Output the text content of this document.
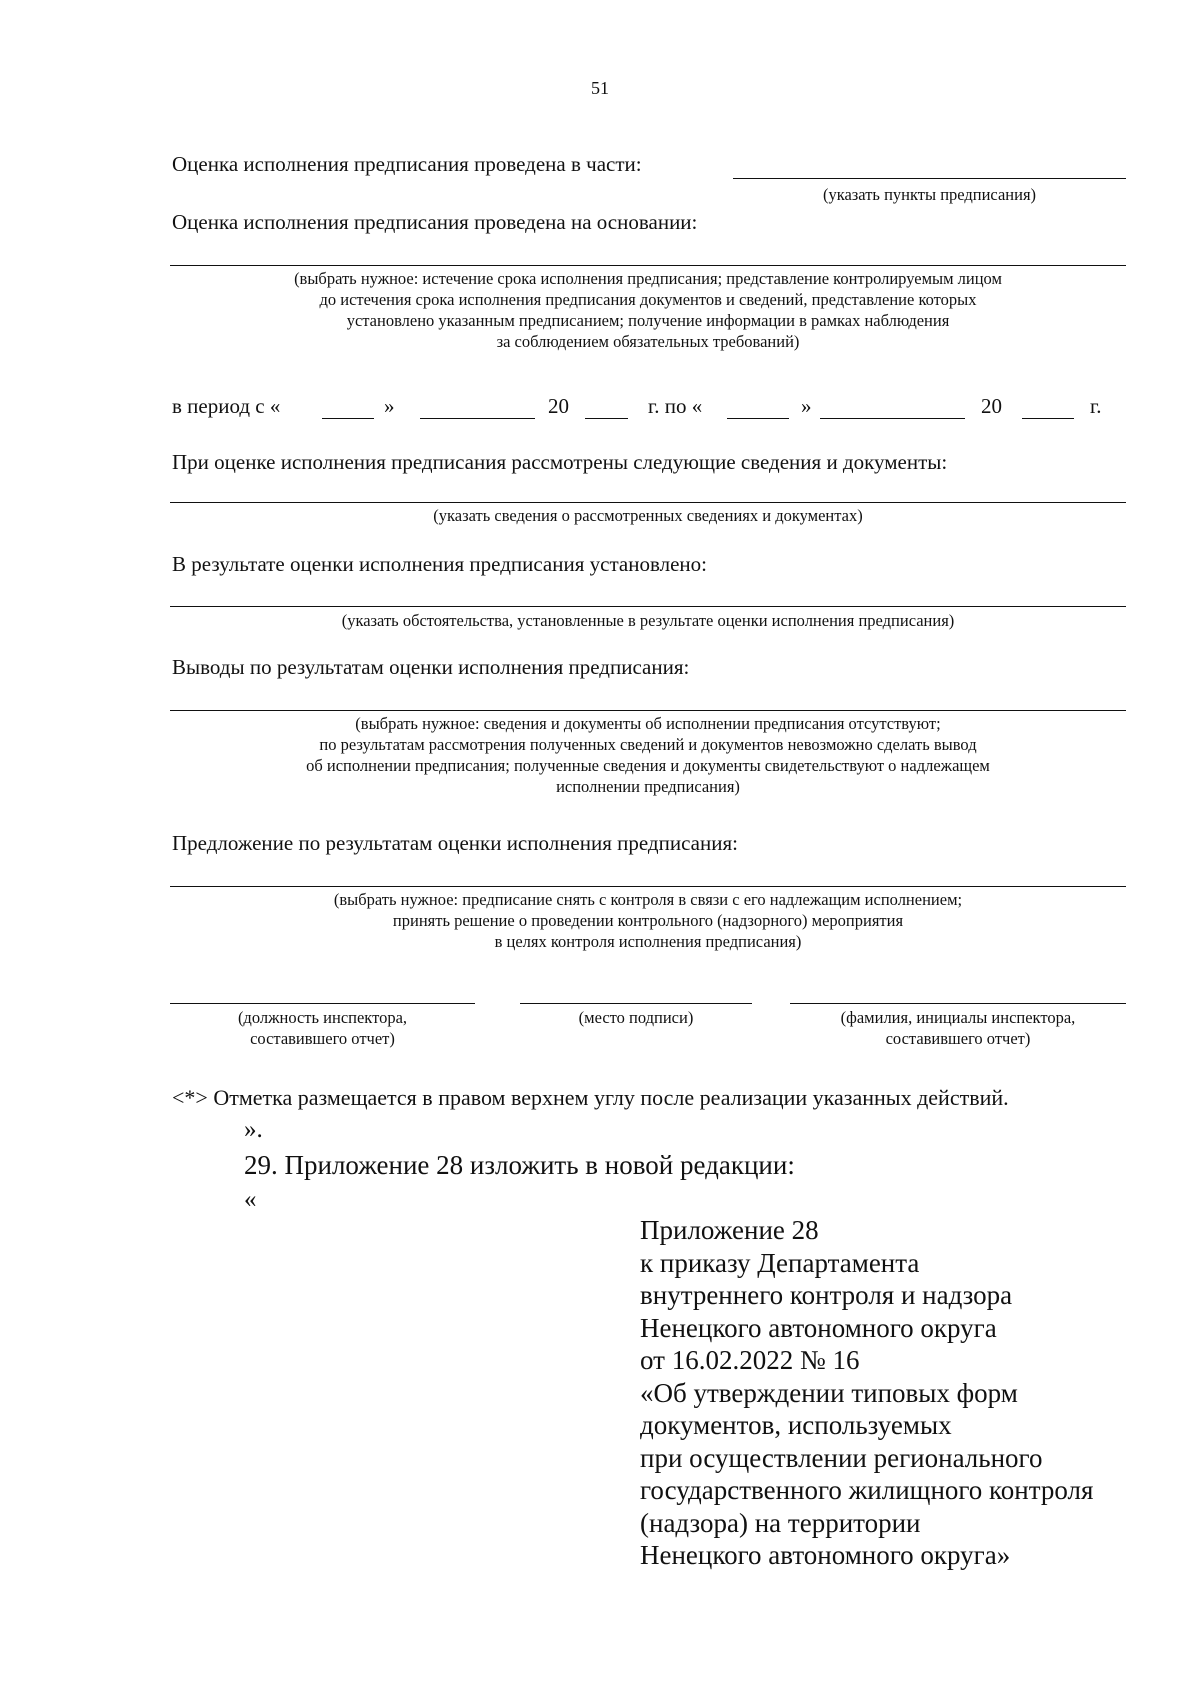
51
Оценка исполнения предписания проведена в части:
(указать пункты предписания)
Оценка исполнения предписания проведена на основании:
(выбрать нужное: истечение срока исполнения предписания; представление контролируемым лицом
до истечения срока исполнения предписания документов и сведений, представление которых
установлено указанным предписанием; получение информации в рамках наблюдения
за соблюдением обязательных требований)
в период с «	»	20	г. по «	»	20	г.
При оценке исполнения предписания рассмотрены следующие сведения и документы:
(указать сведения о рассмотренных сведениях и документах)
В результате оценки исполнения предписания установлено:
(указать обстоятельства, установленные в результате оценки исполнения предписания)
Выводы по результатам оценки исполнения предписания:
(выбрать нужное: сведения и документы об исполнении предписания отсутствуют;
по результатам рассмотрения полученных сведений и документов невозможно сделать вывод
об исполнении предписания; полученные сведения и документы свидетельствуют о надлежащем
исполнении предписания)
Предложение по результатам оценки исполнения предписания:
(выбрать нужное: предписание снять с контроля в связи с его надлежащим исполнением;
принять решение о проведении контрольного (надзорного) мероприятия
в целях контроля исполнения предписания)
(должность инспектора,
составившего отчет)
(место подписи)	(фамилия, инициалы инспектора,
составившего отчет)
<*> Отметка размещается в правом верхнем углу после реализации указанных действий.
».
29. Приложение 28 изложить в новой редакции:
«
Приложение 28
к приказу Департамента
внутреннего контроля и надзора
Ненецкого автономного округа
от 16.02.2022 № 16
«Об утверждении типовых форм
документов, используемых
при осуществлении регионального
государственного жилищного контроля
(надзора) на территории
Ненецкого автономного округа»
